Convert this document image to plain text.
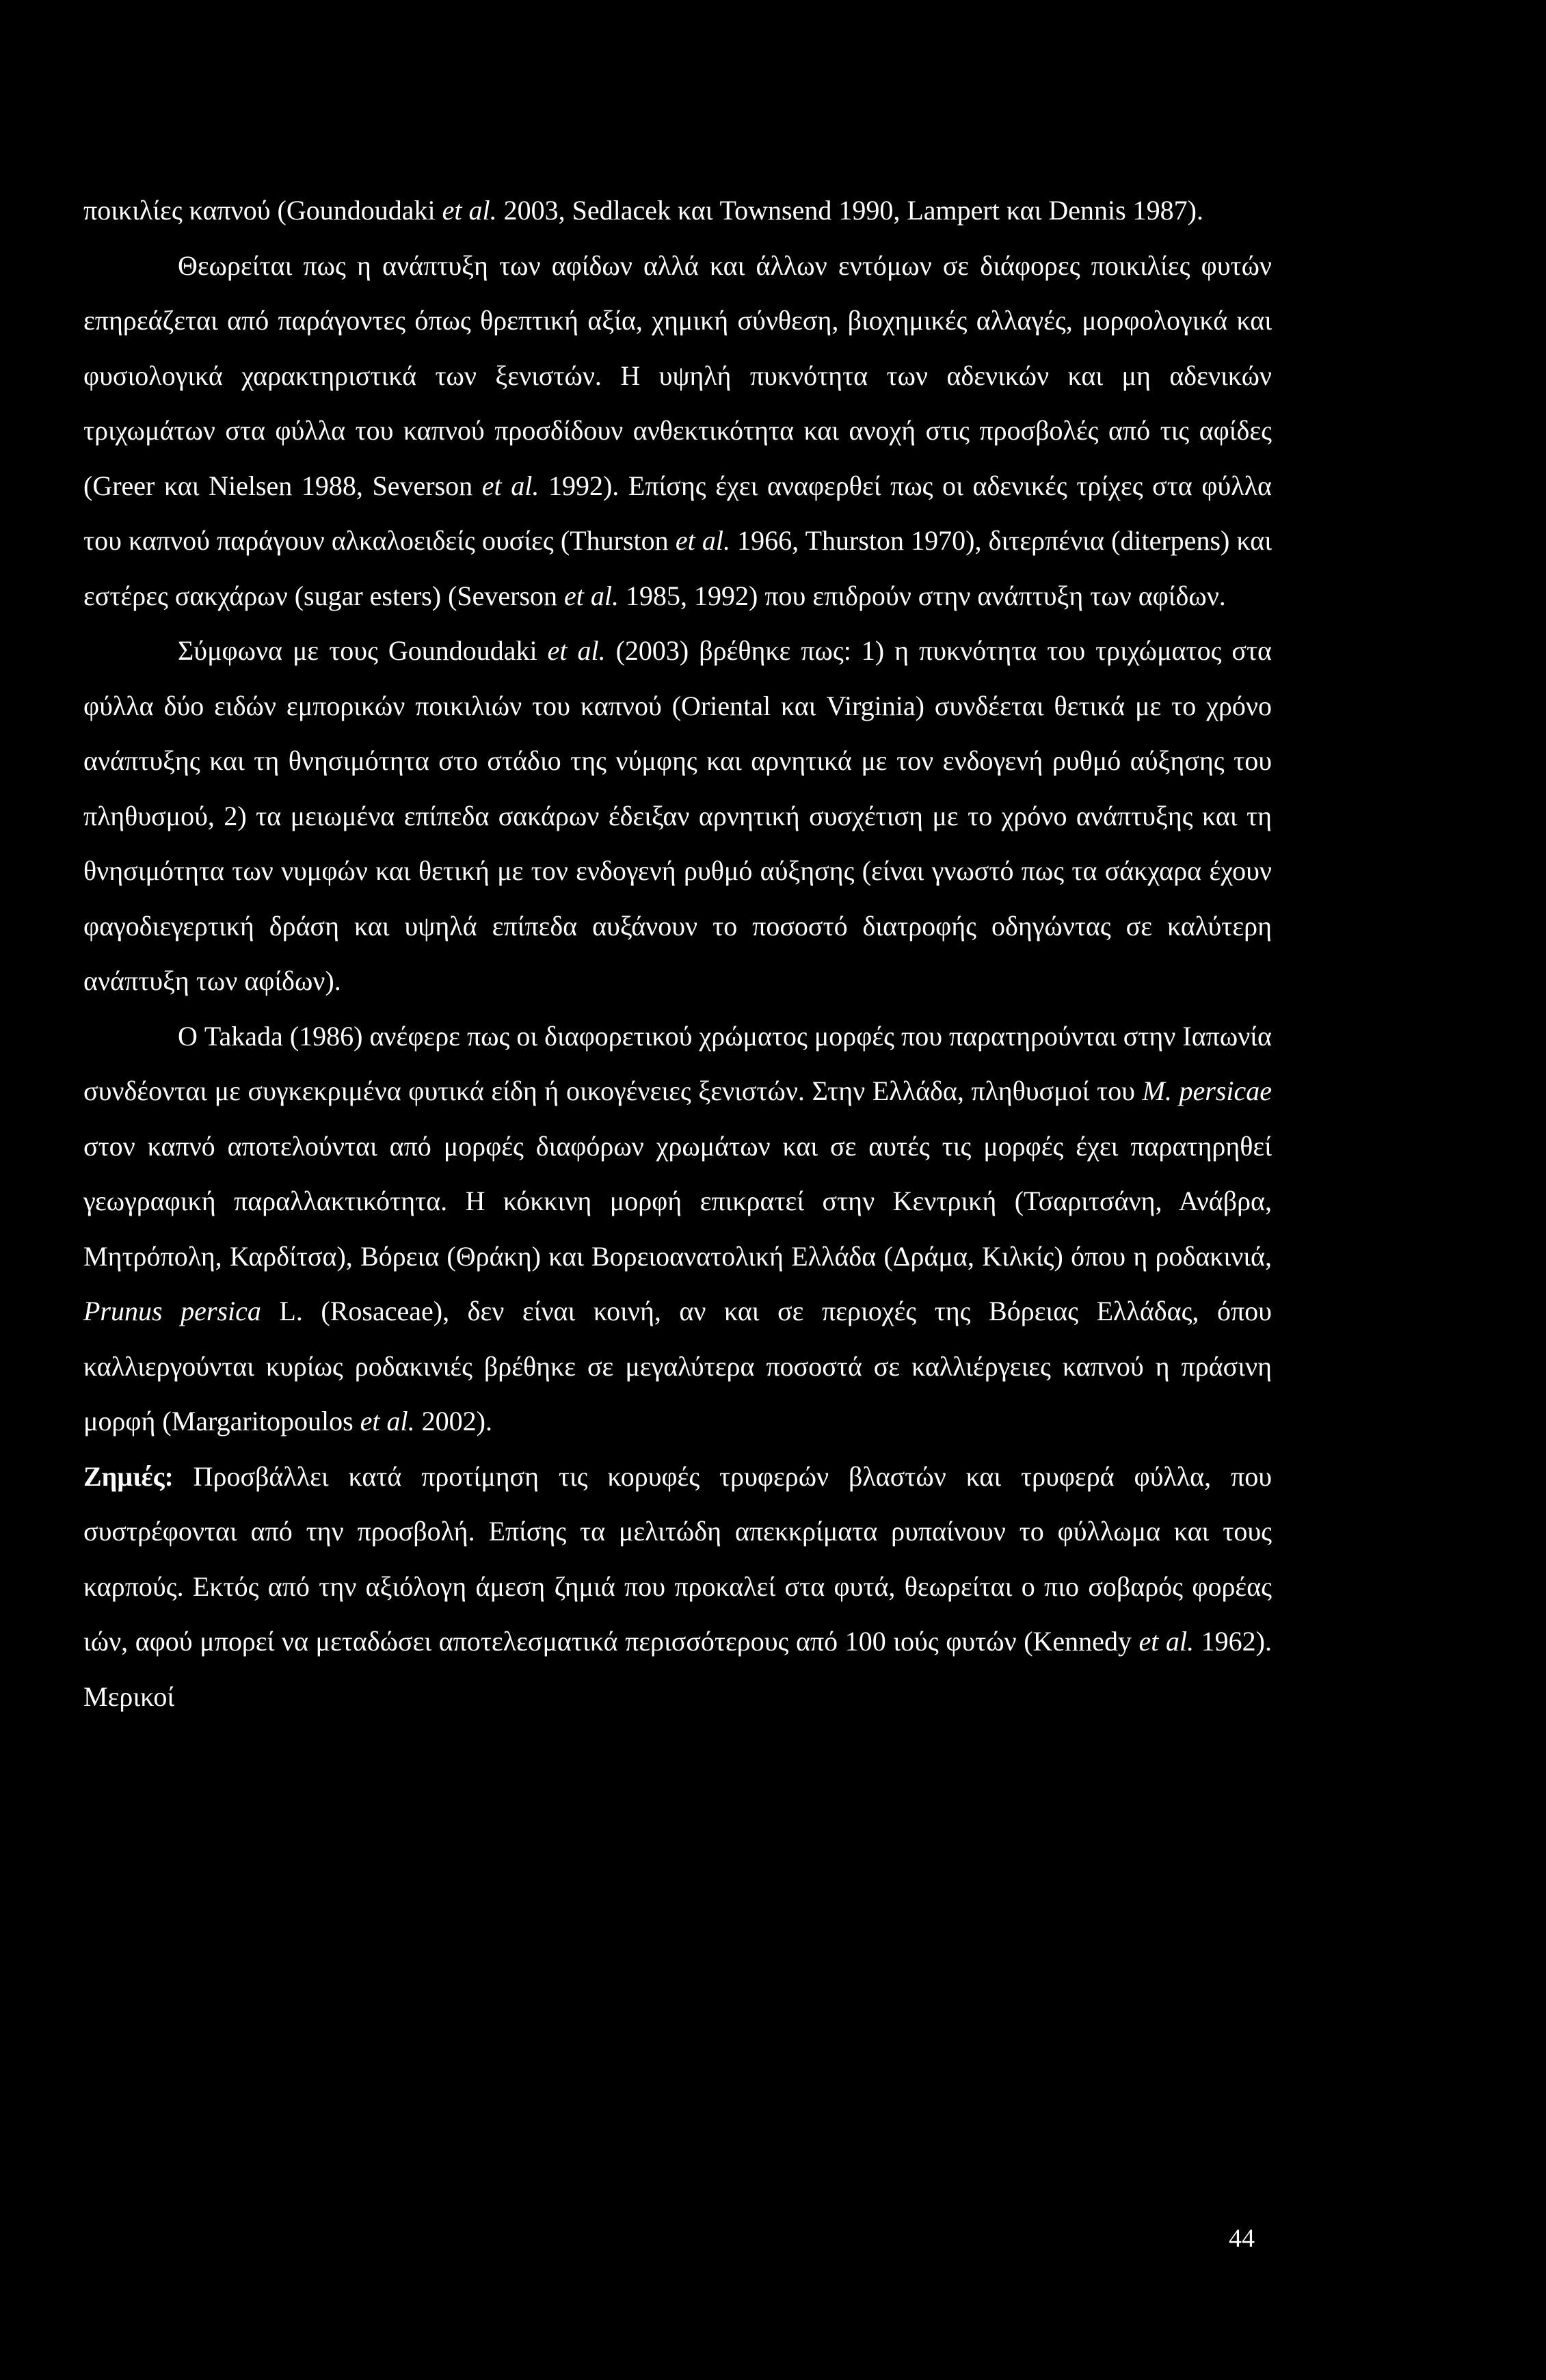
ποικιλίες καπνού (Goundoudaki et al. 2003, Sedlacek και Townsend 1990, Lampert και Dennis 1987).

Θεωρείται πως η ανάπτυξη των αφίδων αλλά και άλλων εντόμων σε διάφορες ποικιλίες φυτών επηρεάζεται από παράγοντες όπως θρεπτική αξία, χημική σύνθεση, βιοχημικές αλλαγές, μορφολογικά και φυσιολογικά χαρακτηριστικά των ξενιστών. Η υψηλή πυκνότητα των αδενικών και μη αδενικών τριχωμάτων στα φύλλα του καπνού προσδίδουν ανθεκτικότητα και ανοχή στις προσβολές από τις αφίδες (Greer και Nielsen 1988, Severson et al. 1992). Επίσης έχει αναφερθεί πως οι αδενικές τρίχες στα φύλλα του καπνού παράγουν αλκαλοειδείς ουσίες (Thurston et al. 1966, Thurston 1970), διτερπένια (diterpens) και εστέρες σακχάρων (sugar esters) (Severson et al. 1985, 1992) που επιδρούν στην ανάπτυξη των αφίδων.

Σύμφωνα με τους Goundoudaki et al. (2003) βρέθηκε πως: 1) η πυκνότητα του τριχώματος στα φύλλα δύο ειδών εμπορικών ποικιλιών του καπνού (Oriental και Virginia) συνδέεται θετικά με το χρόνο ανάπτυξης και τη θνησιμότητα στο στάδιο της νύμφης και αρνητικά με τον ενδογενή ρυθμό αύξησης του πληθυσμού, 2) τα μειωμένα επίπεδα σακάρων έδειξαν αρνητική συσχέτιση με το χρόνο ανάπτυξης και τη θνησιμότητα των νυμφών και θετική με τον ενδογενή ρυθμό αύξησης (είναι γνωστό πως τα σάκχαρα έχουν φαγοδιεγερτική δράση και υψηλά επίπεδα αυξάνουν το ποσοστό διατροφής οδηγώντας σε καλύτερη ανάπτυξη των αφίδων).

Ο Takada (1986) ανέφερε πως οι διαφορετικού χρώματος μορφές που παρατηρούνται στην Ιαπωνία συνδέονται με συγκεκριμένα φυτικά είδη ή οικογένειες ξενιστών. Στην Ελλάδα, πληθυσμοί του M. persicae στον καπνό αποτελούνται από μορφές διαφόρων χρωμάτων και σε αυτές τις μορφές έχει παρατηρηθεί γεωγραφική παραλλακτικότητα. Η κόκκινη μορφή επικρατεί στην Κεντρική (Τσαριτσάνη, Ανάβρα, Μητρόπολη, Καρδίτσα), Βόρεια (Θράκη) και Βορειοανατολική Ελλάδα (Δράμα, Κιλκίς) όπου η ροδακινιά, Prunus persica L. (Rosaceae), δεν είναι κοινή, αν και σε περιοχές της Βόρειας Ελλάδας, όπου καλλιεργούνται κυρίως ροδακινιές βρέθηκε σε μεγαλύτερα ποσοστά σε καλλιέργειες καπνού η πράσινη μορφή (Margaritopoulos et al. 2002).

Ζημιές: Προσβάλλει κατά προτίμηση τις κορυφές τρυφερών βλαστών και τρυφερά φύλλα, που συστρέφονται από την προσβολή. Επίσης τα μελιτώδη απεκκρίματα ρυπαίνουν το φύλλωμα και τους καρπούς. Εκτός από την αξιόλογη άμεση ζημιά που προκαλεί στα φυτά, θεωρείται ο πιο σοβαρός φορέας ιών, αφού μπορεί να μεταδώσει αποτελεσματικά περισσότερους από 100 ιούς φυτών (Kennedy et al. 1962). Μερικοί

44
